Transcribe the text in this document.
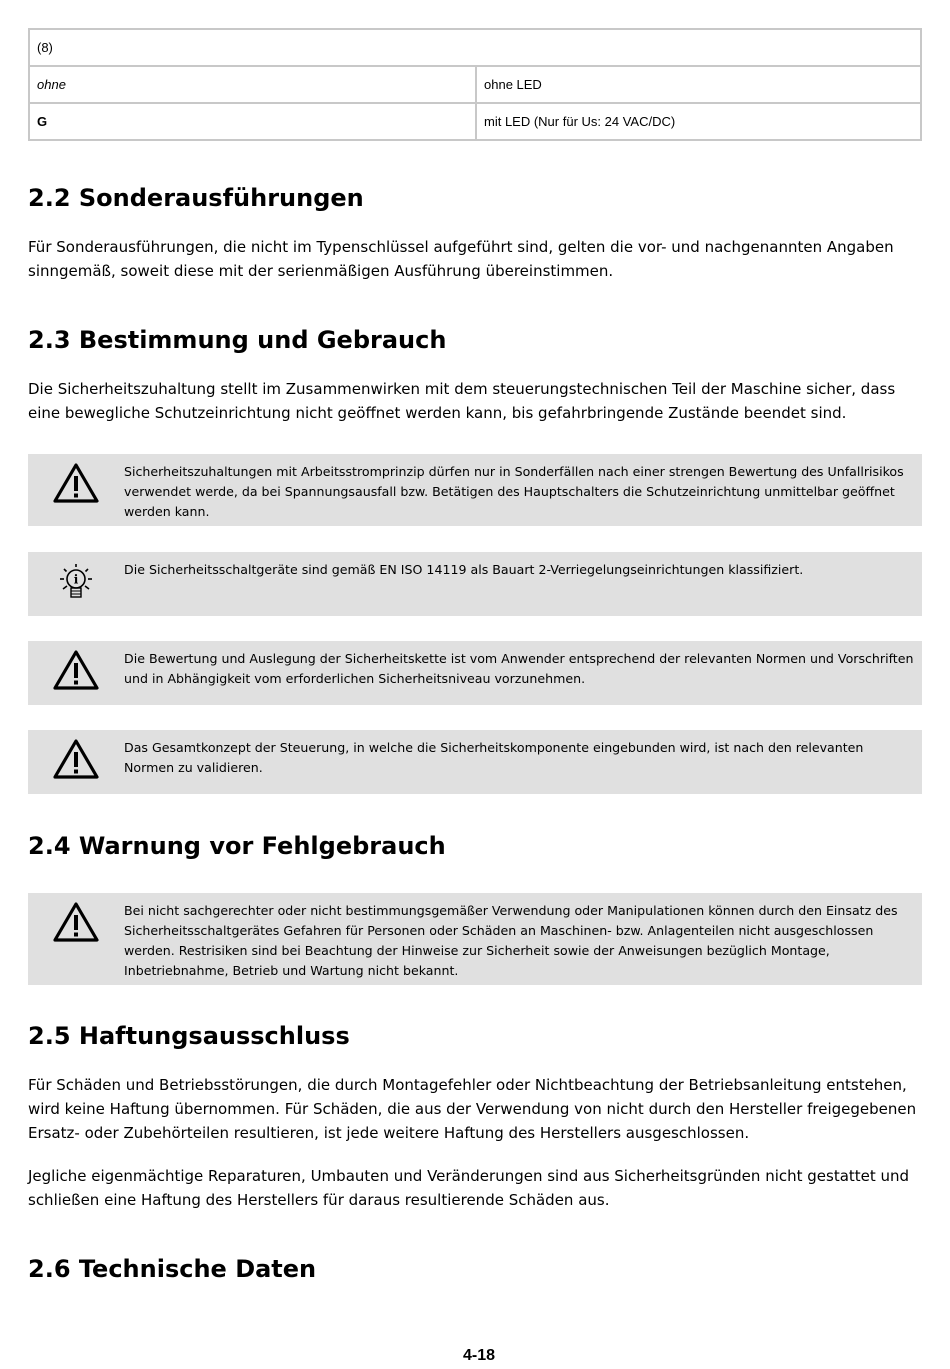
(8)	
ohne	ohne LED
G	mit LED (Nur für Us: 24 VAC/DC)
2.2 Sonderausführungen

Für Sonderausführungen, die nicht im Typenschlüssel aufgeführt sind, gelten die vor- und nachgenannten Angaben sinngemäß, soweit diese mit der serienmäßigen Ausführung übereinstimmen.

2.3 Bestimmung und Gebrauch

Die Sicherheitszuhaltung stellt im Zusammenwirken mit dem steuerungstechnischen Teil der Maschine sicher, dass eine bewegliche Schutzeinrichtung nicht geöffnet werden kann, bis gefahrbringende Zustände beendet sind.

Sicherheitszuhaltungen mit Arbeitsstromprinzip dürfen nur in Sonderfällen nach einer strengen Bewertung des Unfallrisikos verwendet werde, da bei Spannungsausfall bzw. Betätigen des Hauptschalters die Schutzeinrichtung unmittelbar geöffnet werden kann.
i
Die Sicherheitsschaltgeräte sind gemäß EN ISO 14119 als Bauart 2-Verriegelungseinrichtungen klassifiziert.
Die Bewertung und Auslegung der Sicherheitskette ist vom Anwender entsprechend der relevanten Normen und Vorschriften und in Abhängigkeit vom erforderlichen Sicherheitsniveau vorzunehmen.
Das Gesamtkonzept der Steuerung, in welche die Sicherheitskomponente eingebunden wird, ist nach den relevanten Normen zu validieren.
2.4 Warnung vor Fehlgebrauch
Bei nicht sachgerechter oder nicht bestimmungsgemäßer Verwendung oder Manipulationen können durch den Einsatz des Sicherheitsschaltgerätes Gefahren für Personen oder Schäden an Maschinen- bzw. Anlagenteilen nicht ausgeschlossen werden. Restrisiken sind bei Beachtung der Hinweise zur Sicherheit sowie der Anweisungen bezüglich Montage, Inbetriebnahme, Betrieb und Wartung nicht bekannt.
2.5 Haftungsausschluss

Für Schäden und Betriebsstörungen, die durch Montagefehler oder Nichtbeachtung der Betriebsanleitung entstehen, wird keine Haftung übernommen. Für Schäden, die aus der Verwendung von nicht durch den Hersteller freigegebenen Ersatz- oder Zubehörteilen resultieren, ist jede weitere Haftung des Herstellers ausgeschlossen.

Jegliche eigenmächtige Reparaturen, Umbauten und Veränderungen sind aus Sicherheitsgründen nicht gestattet und schließen eine Haftung des Herstellers für daraus resultierende Schäden aus.

2.6 Technische Daten
4-18
